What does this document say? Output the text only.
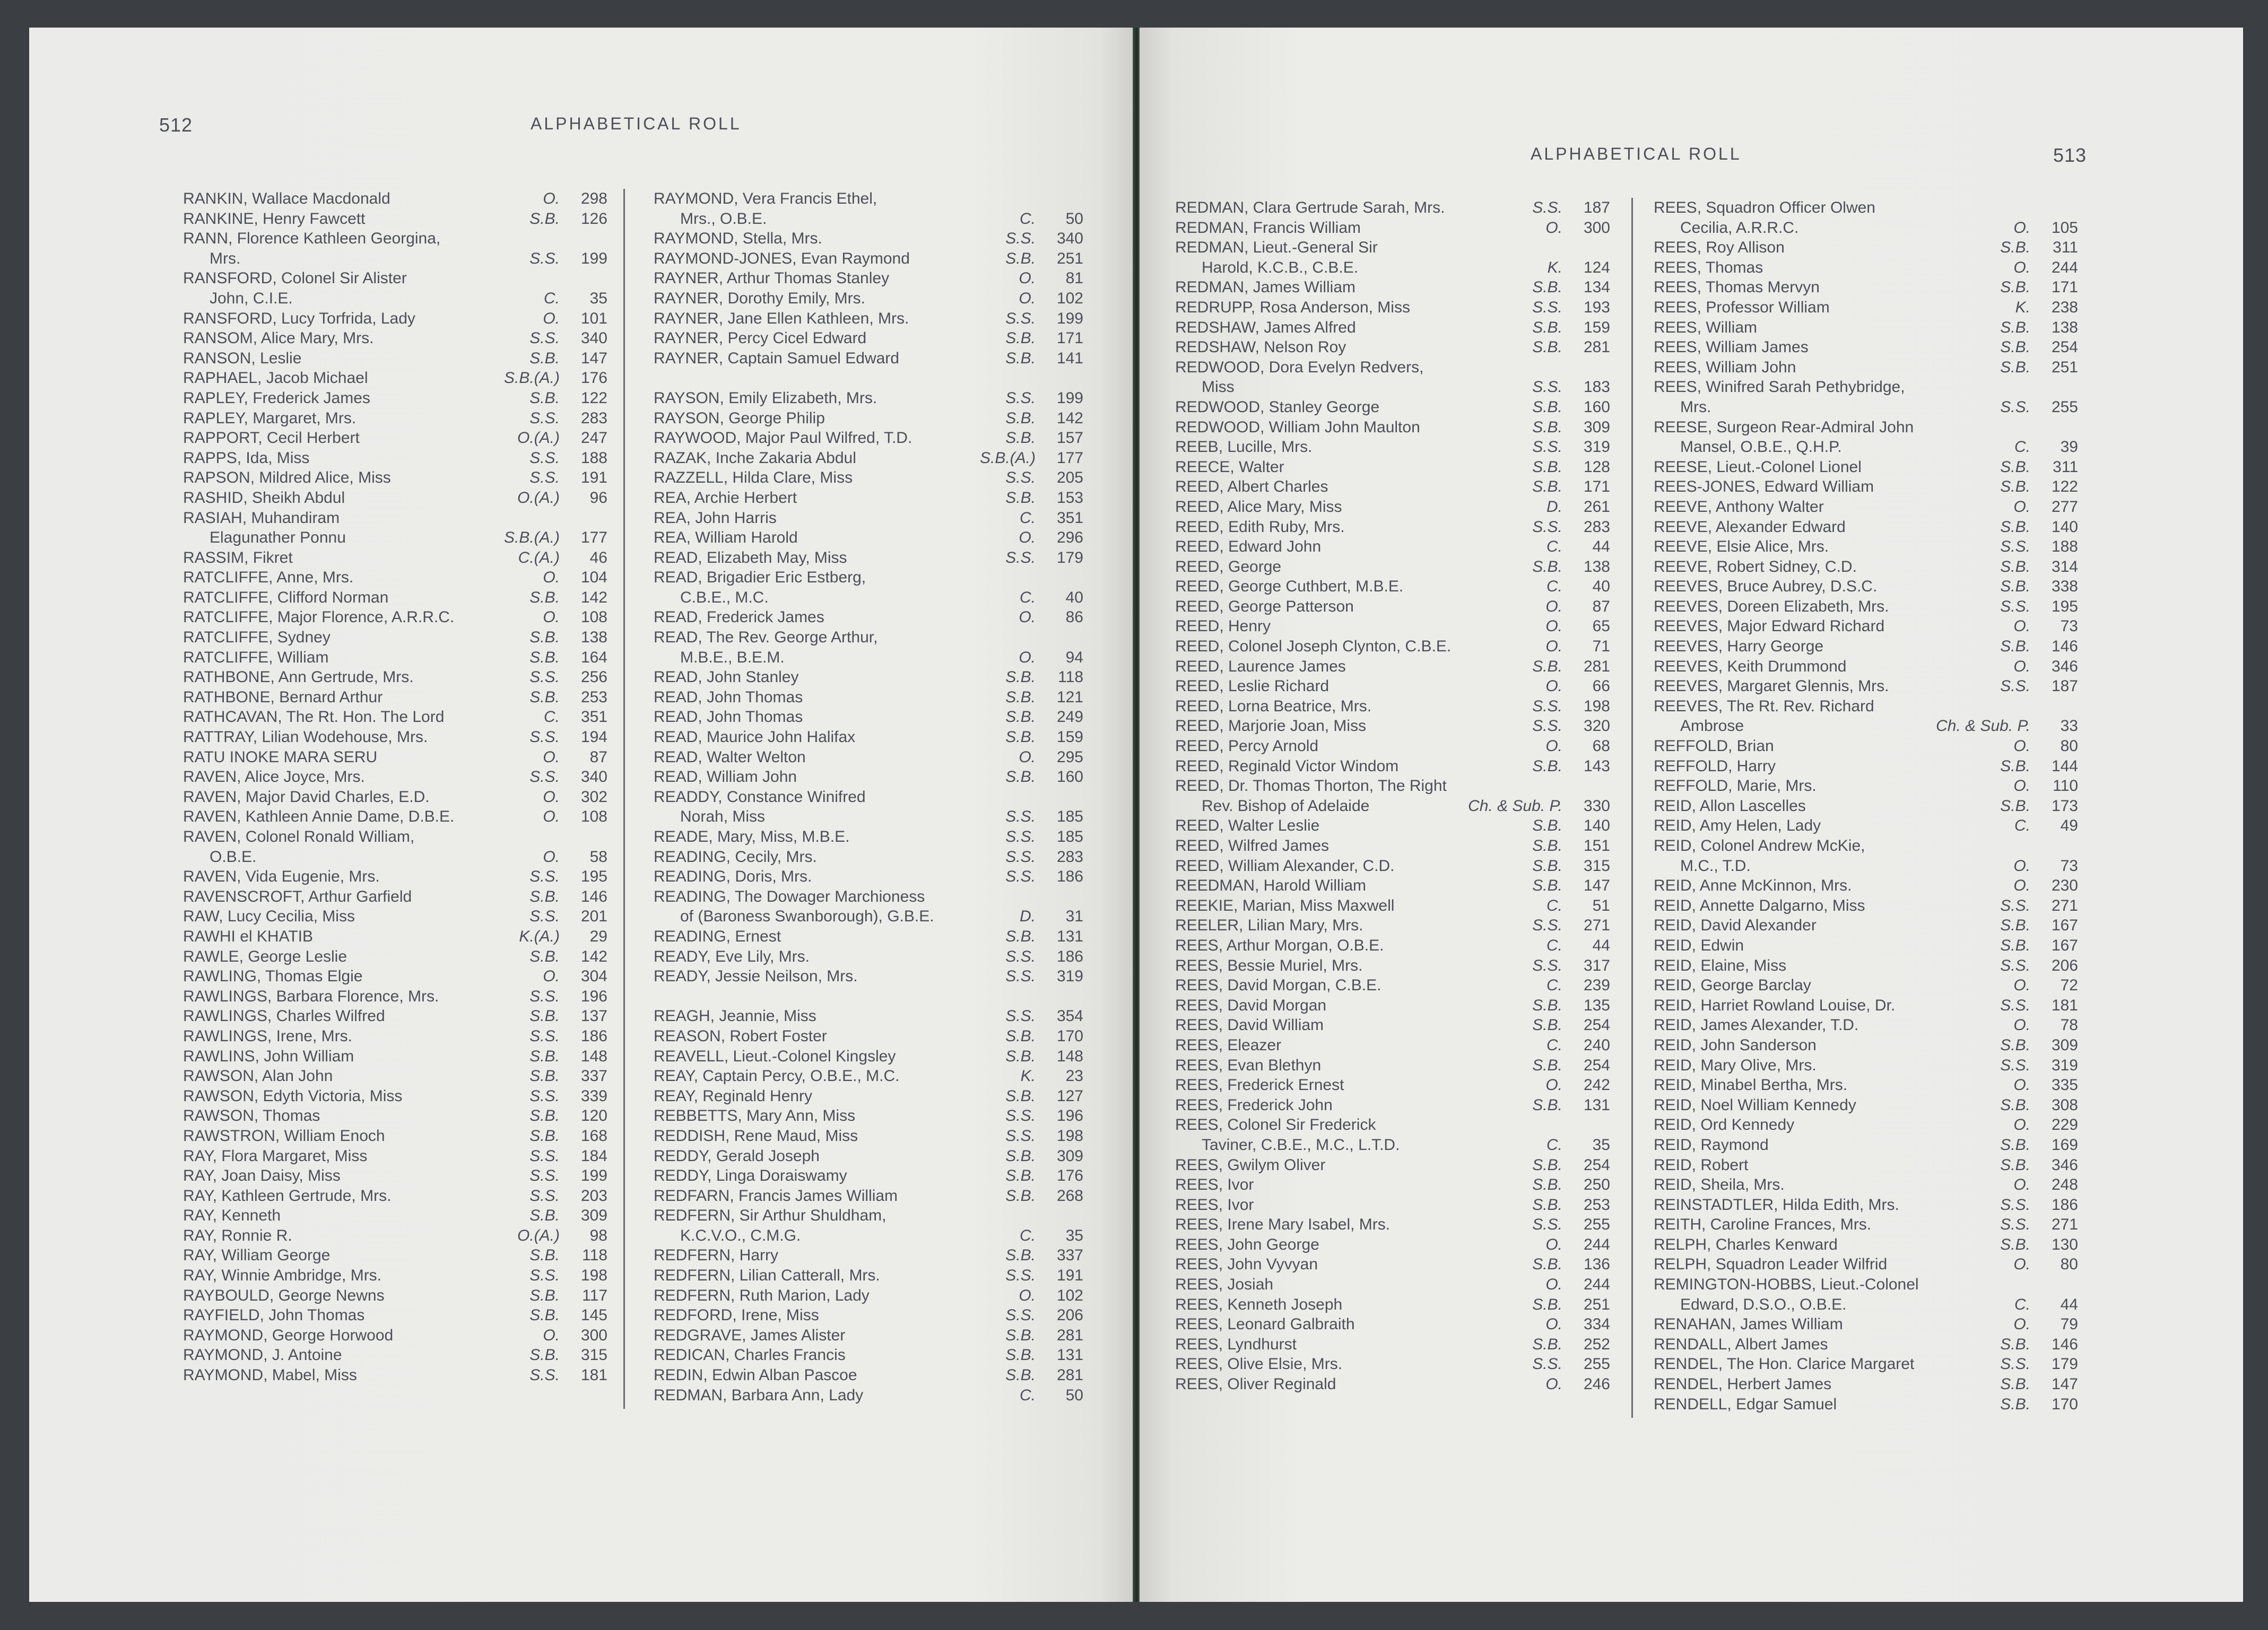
512	ALPHABETICAL ROLL
513
ALPHABETICAL ROLL
RANKIN, Wallace Macdonald	O. 298
RANKINE, Henry Fawcett	S.B. 126
RANN, Florence Kathleen Georgina,
Mrs.	S.S. 199
RANSFORD, Colonel Sir Alister
John, C.I.E.	C. 35
RANSFORD, Lucy Torfrida, Lady	O. 101
RANSOM, Alice Mary, Mrs.	S.S. 340
RANSON, Leslie	S.B. 147
RAPHAEL, Jacob Michael	S.B.(A.) 176
RAPLEY, Frederick James	S.B. 122
RAPLEY, Margaret, Mrs.	S.S. 283
RAPPORT, Cecil Herbert	O.(A.) 247
RAPPS, Ida, Miss	S.S. 188
RAPSON, Mildred Alice, Miss	S.S. 191
RASHID, Sheikh Abdul	O.(A.) 96
RASIAH, Muhandiram
Elagunather Ponnu	S.B.(A.) 177
RASSIM, Fikret	C.(A.) 46
RATCLIFFE, Anne, Mrs.	O. 104
RATCLIFFE, Clifford Norman	S.B. 142
RATCLIFFE, Major Florence, A.R.R.C.	O. 108
RATCLIFFE, Sydney	S.B. 138
RATCLIFFE, William	S.B. 164
RATHBONE, Ann Gertrude, Mrs.	S.S. 256
RATHBONE, Bernard Arthur	S.B. 253
RATHCAVAN, The Rt. Hon. The Lord	C. 351
RATTRAY, Lilian Wodehouse, Mrs.	S.S. 194
RATU INOKE MARA SERU	O. 87
RAVEN, Alice Joyce, Mrs.	S.S. 340
RAVEN, Major David Charles, E.D.	O. 302
RAVEN, Kathleen Annie Dame, D.B.E.	O. 108
RAVEN, Colonel Ronald William,
O.B.E.	O. 58
RAVEN, Vida Eugenie, Mrs.	S.S. 195
RAVENSCROFT, Arthur Garfield	S.B. 146
RAW, Lucy Cecilia, Miss	S.S. 201
RAWHI el KHATIB	K.(A.) 29
RAWLE, George Leslie	S.B. 142
RAWLING, Thomas Elgie	O. 304
RAWLINGS, Barbara Florence, Mrs.	S.S. 196
RAWLINGS, Charles Wilfred	S.B. 137
RAWLINGS, Irene, Mrs.	S.S. 186
RAWLINS, John William	S.B. 148
RAWSON, Alan John	S.B. 337
RAWSON, Edyth Victoria, Miss	S.S. 339
RAWSON, Thomas	S.B. 120
RAWSTRON, William Enoch	S.B. 168
RAY, Flora Margaret, Miss	S.S. 184
RAY, Joan Daisy, Miss	S.S. 199
RAY, Kathleen Gertrude, Mrs.	S.S. 203
RAY, Kenneth	S.B. 309
RAY, Ronnie R.	O.(A.) 98
RAY, William George	S.B. 118
RAY, Winnie Ambridge, Mrs.	S.S. 198
RAYBOULD, George Newns	S.B. 117
RAYFIELD, John Thomas	S.B. 145
RAYMOND, George Horwood	O. 300
RAYMOND, J. Antoine	S.B. 315
RAYMOND, Mabel, Miss	S.S. 181
RAYMOND, Vera Francis Ethel,
Mrs., O.B.E.	C. 50
RAYMOND, Stella, Mrs.	S.S. 340
RAYMOND-JONES, Evan Raymond	S.B. 251
RAYNER, Arthur Thomas Stanley	O. 81
RAYNER, Dorothy Emily, Mrs.	O. 102
RAYNER, Jane Ellen Kathleen, Mrs.	S.S. 199
RAYNER, Percy Cicel Edward	S.B. 171
RAYNER, Captain Samuel Edward	S.B. 141
RAYSON, Emily Elizabeth, Mrs.	S.S. 199
RAYSON, George Philip	S.B. 142
RAYWOOD, Major Paul Wilfred, T.D.	S.B. 157
RAZAK, Inche Zakaria Abdul	S.B.(A.) 177
RAZZELL, Hilda Clare, Miss	S.S. 205
REA, Archie Herbert	S.B. 153
REA, John Harris	C. 351
REA, William Harold	O. 296
READ, Elizabeth May, Miss	S.S. 179
READ, Brigadier Eric Estberg,
C.B.E., M.C.	C. 40
READ, Frederick James	O. 86
READ, The Rev. George Arthur,
M.B.E., B.E.M.	O. 94
READ, John Stanley	S.B. 118
READ, John Thomas	S.B. 121
READ, John Thomas	S.B. 249
READ, Maurice John Halifax	S.B. 159
READ, Walter Welton	O. 295
READ, William John	S.B. 160
READDY, Constance Winifred
Norah, Miss	S.S. 185
READE, Mary, Miss, M.B.E.	S.S. 185
READING, Cecily, Mrs.	S.S. 283
READING, Doris, Mrs.	S.S. 186
READING, The Dowager Marchioness
of (Baroness Swanborough), G.B.E.	D. 31
READING, Ernest	S.B. 131
READY, Eve Lily, Mrs.	S.S. 186
READY, Jessie Neilson, Mrs.	S.S. 319
REAGH, Jeannie, Miss	S.S. 354
REASON, Robert Foster	S.B. 170
REAVELL, Lieut.-Colonel Kingsley	S.B. 148
REAY, Captain Percy, O.B.E., M.C.	K. 23
REAY, Reginald Henry	S.B. 127
REBBETTS, Mary Ann, Miss	S.S. 196
REDDISH, Rene Maud, Miss	S.S. 198
REDDY, Gerald Joseph	S.B. 309
REDDY, Linga Doraiswamy	S.B. 176
REDFARN, Francis James William	S.B. 268
REDFERN, Sir Arthur Shuldham,
K.C.V.O., C.M.G.	C. 35
REDFERN, Harry	S.B. 337
REDFERN, Lilian Catterall, Mrs.	S.S. 191
REDFERN, Ruth Marion, Lady	O. 102
REDFORD, Irene, Miss	S.S. 206
REDGRAVE, James Alister	S.B. 281
REDICAN, Charles Francis	S.B. 131
REDIN, Edwin Alban Pascoe	S.B. 281
REDMAN, Barbara Ann, Lady	C. 50
REDMAN, Clara Gertrude Sarah, Mrs.	S.S. 187
REDMAN, Francis William	O. 300
REDMAN, Lieut.-General Sir
Harold, K.C.B., C.B.E.	K. 124
REDMAN, James William	S.B. 134
REDRUPP, Rosa Anderson, Miss	S.S. 193
REDSHAW, James Alfred	S.B. 159
REDSHAW, Nelson Roy	S.B. 281
REDWOOD, Dora Evelyn Redvers,
Miss	S.S. 183
REDWOOD, Stanley George	S.B. 160
REDWOOD, William John Maulton	S.B. 309
REEB, Lucille, Mrs.	S.S. 319
REECE, Walter	S.B. 128
REED, Albert Charles	S.B. 171
REED, Alice Mary, Miss	D. 261
REED, Edith Ruby, Mrs.	S.S. 283
REED, Edward John	C. 44
REED, George	S.B. 138
REED, George Cuthbert, M.B.E.	C. 40
REED, George Patterson	O. 87
REED, Henry	O. 65
REED, Colonel Joseph Clynton, C.B.E.	O. 71
REED, Laurence James	S.B. 281
REED, Leslie Richard	O. 66
REED, Lorna Beatrice, Mrs.	S.S. 198
REED, Marjorie Joan, Miss	S.S. 320
REED, Percy Arnold	O. 68
REED, Reginald Victor Windom	S.B. 143
REED, Dr. Thomas Thorton, The Right
Rev. Bishop of Adelaide	Ch. & Sub. P. 330
REED, Walter Leslie	S.B. 140
REED, Wilfred James	S.B. 151
REED, William Alexander, C.D.	S.B. 315
REEDMAN, Harold William	S.B. 147
REEKIE, Marian, Miss Maxwell	C. 51
REELER, Lilian Mary, Mrs.	S.S. 271
REES, Arthur Morgan, O.B.E.	C. 44
REES, Bessie Muriel, Mrs.	S.S. 317
REES, David Morgan, C.B.E.	C. 239
REES, David Morgan	S.B. 135
REES, David William	S.B. 254
REES, Eleazer	C. 240
REES, Evan Blethyn	S.B. 254
REES, Frederick Ernest	O. 242
REES, Frederick John	S.B. 131
REES, Colonel Sir Frederick
Taviner, C.B.E., M.C., L.T.D.	C. 35
REES, Gwilym Oliver	S.B. 254
REES, Ivor	S.B. 250
REES, Ivor	S.B. 253
REES, Irene Mary Isabel, Mrs.	S.S. 255
REES, John George	O. 244
REES, John Vyvyan	S.B. 136
REES, Josiah	O. 244
REES, Kenneth Joseph	S.B. 251
REES, Leonard Galbraith	O. 334
REES, Lyndhurst	S.B. 252
REES, Olive Elsie, Mrs.	S.S. 255
REES, Oliver Reginald	O. 246
REES, Squadron Officer Olwen
Cecilia, A.R.R.C.	O. 105
REES, Roy Allison	S.B. 311
REES, Thomas	O. 244
REES, Thomas Mervyn	S.B. 171
REES, Professor William	K. 238
REES, William	S.B. 138
REES, William James	S.B. 254
REES, William John	S.B. 251
REES, Winifred Sarah Pethybridge,
Mrs.	S.S. 255
REESE, Surgeon Rear-Admiral John
Mansel, O.B.E., Q.H.P.	C. 39
REESE, Lieut.-Colonel Lionel	S.B. 311
REES-JONES, Edward William	S.B. 122
REEVE, Anthony Walter	O. 277
REEVE, Alexander Edward	S.B. 140
REEVE, Elsie Alice, Mrs.	S.S. 188
REEVE, Robert Sidney, C.D.	S.B. 314
REEVES, Bruce Aubrey, D.S.C.	S.B. 338
REEVES, Doreen Elizabeth, Mrs.	S.S. 195
REEVES, Major Edward Richard	O. 73
REEVES, Harry George	S.B. 146
REEVES, Keith Drummond	O. 346
REEVES, Margaret Glennis, Mrs.	S.S. 187
REEVES, The Rt. Rev. Richard
Ambrose	Ch. & Sub. P. 33
REFFOLD, Brian	O. 80
REFFOLD, Harry	S.B. 144
REFFOLD, Marie, Mrs.	O. 110
REID, Allon Lascelles	S.B. 173
REID, Amy Helen, Lady	C. 49
REID, Colonel Andrew McKie,
M.C., T.D.	O. 73
REID, Anne McKinnon, Mrs.	O. 230
REID, Annette Dalgarno, Miss	S.S. 271
REID, David Alexander	S.B. 167
REID, Edwin	S.B. 167
REID, Elaine, Miss	S.S. 206
REID, George Barclay	O. 72
REID, Harriet Rowland Louise, Dr.	S.S. 181
REID, James Alexander, T.D.	O. 78
REID, John Sanderson	S.B. 309
REID, Mary Olive, Mrs.	S.S. 319
REID, Minabel Bertha, Mrs.	O. 335
REID, Noel William Kennedy	S.B. 308
REID, Ord Kennedy	O. 229
REID, Raymond	S.B. 169
REID, Robert	S.B. 346
REID, Sheila, Mrs.	O. 248
REINSTADTLER, Hilda Edith, Mrs.	S.S. 186
REITH, Caroline Frances, Mrs.	S.S. 271
RELPH, Charles Kenward	S.B. 130
RELPH, Squadron Leader Wilfrid	O. 80
REMINGTON-HOBBS, Lieut.-Colonel
Edward, D.S.O., O.B.E.	C. 44
RENAHAN, James William	O. 79
RENDALL, Albert James	S.B. 146
RENDEL, The Hon. Clarice Margaret	S.S. 179
RENDEL, Herbert James	S.B. 147
RENDELL, Edgar Samuel	S.B. 170
